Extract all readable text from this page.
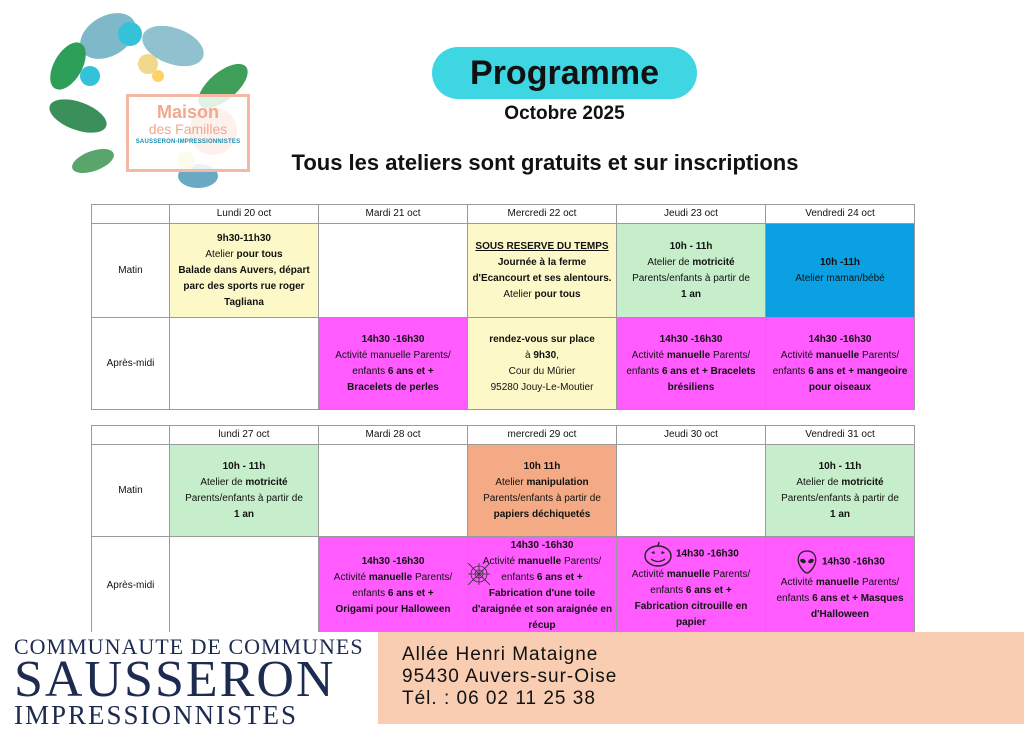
Maison
des Familles
SAUSSERON-IMPRESSIONNISTES
Programme
Octobre 2025
Tous les ateliers sont gratuits et sur inscriptions
	Lundi 20 oct	Mardi 21 oct	Mercredi 22 oct	Jeudi 23 oct	Vendredi 24 oct
Matin	9h30-11h30
Atelier pour tous
Balade dans Auvers, départ parc des sports rue roger Tagliana		SOUS RESERVE DU TEMPS
Journée à la ferme d'Ecancourt et ses alentours.
Atelier pour tous	10h - 11h
Atelier de motricité
Parents/enfants à partir de
1 an	10h -11h
Atelier maman/bébé
Après-midi		14h30 -16h30
Activité manuelle Parents/ enfants 6 ans et +
Bracelets de perles	rendez-vous sur place
à 9h30,
Cour du Mûrier
95280 Jouy-Le-Moutier	14h30 -16h30
Activité manuelle Parents/ enfants 6 ans et + Bracelets brésiliens	14h30 -16h30
Activité manuelle Parents/ enfants 6 ans et + mangeoire pour oiseaux
	lundi 27 oct	Mardi 28 oct	mercredi 29 oct	Jeudi 30 oct	Vendredi 31 oct
Matin	10h - 11h
Atelier de motricité
Parents/enfants à partir de
1 an		10h 11h
Atelier manipulation
Parents/enfants à partir de
papiers déchiquetés		10h - 11h
Atelier de motricité
Parents/enfants à partir de
1 an
Après-midi		14h30 -16h30
Activité manuelle Parents/ enfants 6 ans et +
Origami pour Halloween	14h30 -16h30
Activité manuelle Parents/ enfants 6 ans et +
Fabrication d'une toile d'araignée et son araignée en récup	14h30 -16h30
Activité manuelle Parents/ enfants 6 ans et +
Fabrication citrouille en papier	14h30 -16h30
Activité manuelle Parents/ enfants 6 ans et + Masques d'Halloween
COMMUNAUTE DE COMMUNES
SAUSSERON
IMPRESSIONNISTES
Allée Henri Mataigne
95430 Auvers-sur-Oise
Tél. : 06 02 11 25 38
